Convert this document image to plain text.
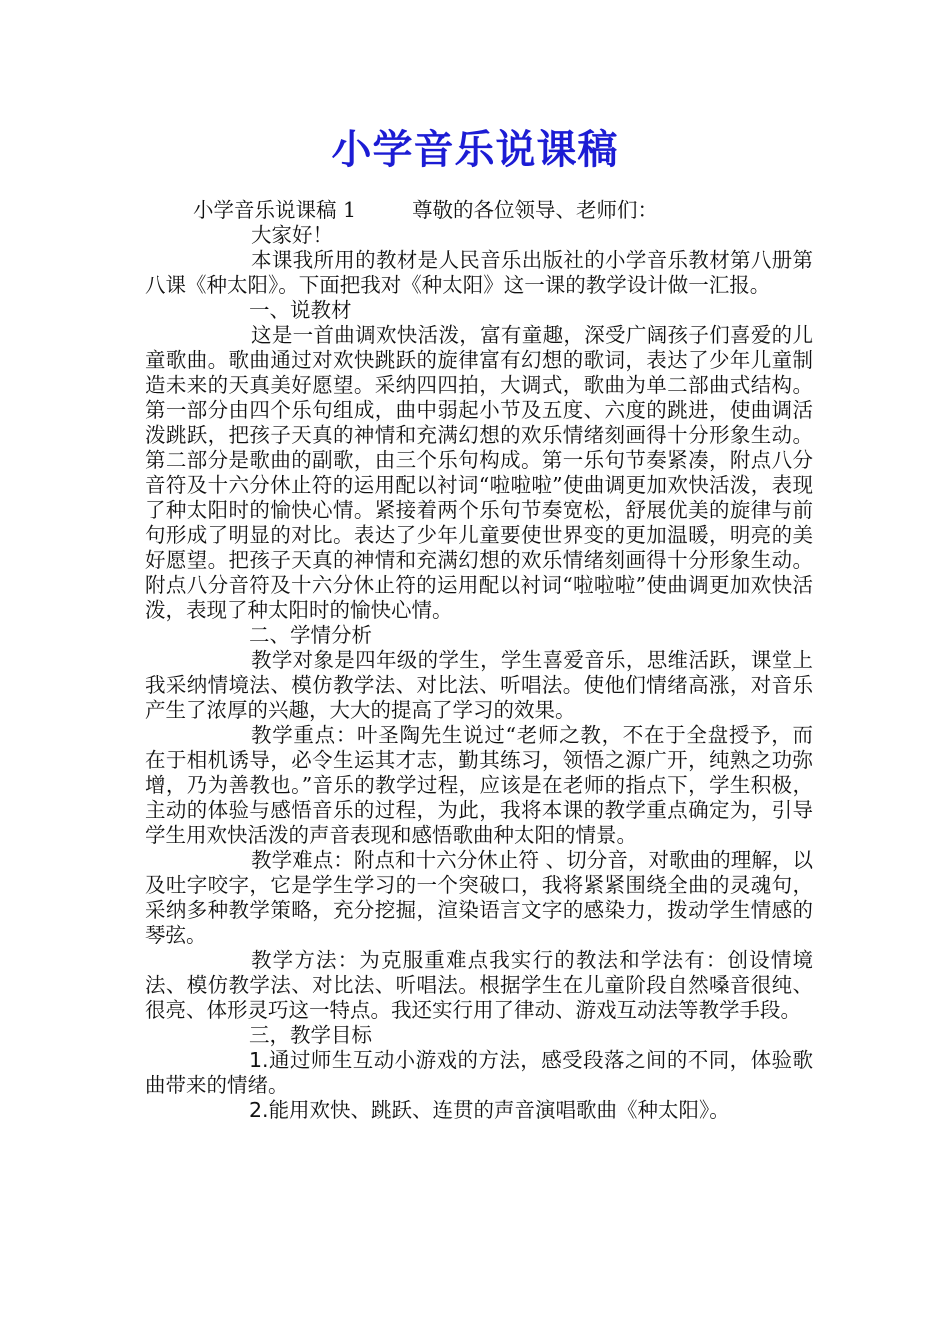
小学音乐说课稿

小学音乐说课稿 1	尊敬的各位领导、老师们：

大家好！

本课我所用的教材是人民音乐出版社的小学音乐教材第八册第八课《种太阳》。下面把我对《种太阳》这一课的教学设计做一汇报。

一、说教材

这是一首曲调欢快活泼，富有童趣，深受广阔孩子们喜爱的儿童歌曲。歌曲通过对欢快跳跃的旋律富有幻想的歌词，表达了少年儿童制造未来的天真美好愿望。采纳四四拍，大调式，歌曲为单二部曲式结构。第一部分由四个乐句组成，曲中弱起小节及五度、六度的跳进，使曲调活泼跳跃，把孩子天真的神情和充满幻想的欢乐情绪刻画得十分形象生动。第二部分是歌曲的副歌，由三个乐句构成。第一乐句节奏紧凑，附点八分音符及十六分休止符的运用配以衬词“啦啦啦”使曲调更加欢快活泼，表现了种太阳时的愉快心情。紧接着两个乐句节奏宽松，舒展优美的旋律与前句形成了明显的对比。表达了少年儿童要使世界变的更加温暖，明亮的美好愿望。把孩子天真的神情和充满幻想的欢乐情绪刻画得十分形象生动。附点八分音符及十六分休止符的运用配以衬词“啦啦啦”使曲调更加欢快活泼，表现了种太阳时的愉快心情。

二、学情分析

教学对象是四年级的学生，学生喜爱音乐，思维活跃，课堂上我采纳情境法、模仿教学法、对比法、听唱法。使他们情绪高涨，对音乐产生了浓厚的兴趣，大大的提高了学习的效果。

教学重点：叶圣陶先生说过“老师之教，不在于全盘授予，而在于相机诱导，必令生运其才志，勤其练习，领悟之源广开，纯熟之功弥增，乃为善教也。”音乐的教学过程，应该是在老师的指点下，学生积极，主动的体验与感悟音乐的过程，为此，我将本课的教学重点确定为，引导学生用欢快活泼的声音表现和感悟歌曲种太阳的情景。

教学难点：附点和十六分休止符 、切分音，对歌曲的理解，以及吐字咬字，它是学生学习的一个突破口，我将紧紧围绕全曲的灵魂句，采纳多种教学策略，充分挖掘，渲染语言文字的感染力，拨动学生情感的琴弦。

教学方法：为克服重难点我实行的教法和学法有：创设情境法、模仿教学法、对比法、听唱法。根据学生在儿童阶段自然嗓音很纯、很亮、体形灵巧这一特点。我还实行用了律动、游戏互动法等教学手段。

三，教学目标

1.通过师生互动小游戏的方法，感受段落之间的不同，体验歌曲带来的情绪。

2.能用欢快、跳跃、连贯的声音演唱歌曲《种太阳》。
